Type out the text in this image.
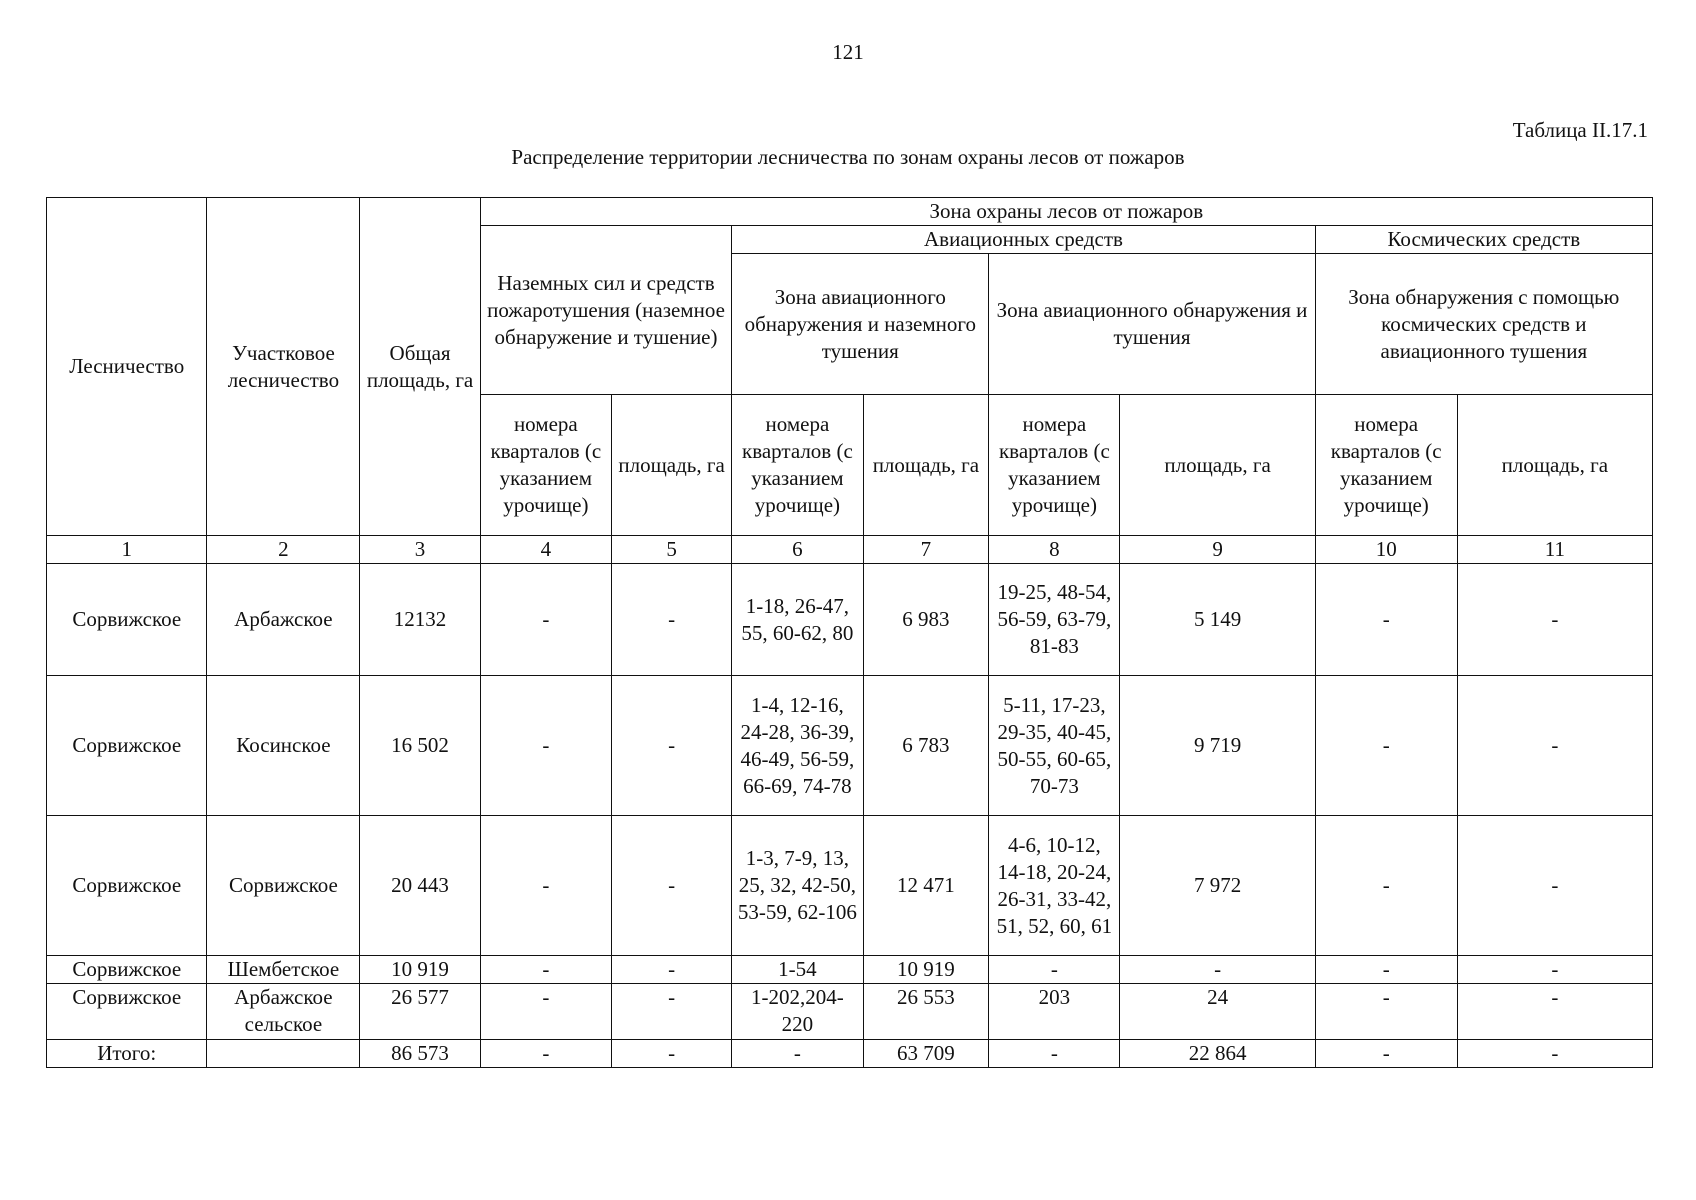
121
Таблица II.17.1
Распределение территории лесничества по зонам охраны лесов от пожаров
Лесничество	Участковое лесничество	Общая площадь, га	Зона охраны лесов от пожаров							
			Наземных сил и средств пожаротушения (наземное обнаружение и тушение)		Авиационных средств				Космических средств	
					Зона авиационного обнаружения и наземного тушения		Зона авиационного обнаружения и тушения		Зона обнаружения с помощью космических средств и авиационного тушения	
			номера кварталов (с указанием урочище)	площадь, га	номера кварталов (с указанием урочище)	площадь, га	номера кварталов (с указанием урочище)	площадь, га	номера кварталов (с указанием урочище)	площадь, га
1	2	3	4	5	6	7	8	9	10	11
Сорвижское	Арбажское	12132	-	-	1-18, 26-47, 55, 60-62, 80	6 983	19-25, 48-54, 56-59, 63-79, 81-83	5 149	-	-
Сорвижское	Косинское	16 502	-	-	1-4, 12-16, 24-28, 36-39, 46-49, 56-59, 66-69, 74-78	6 783	5-11, 17-23, 29-35, 40-45, 50-55, 60-65, 70-73	9 719	-	-
Сорвижское	Сорвижское	20 443	-	-	1-3, 7-9, 13, 25, 32, 42-50, 53-59, 62-106	12 471	4-6, 10-12, 14-18, 20-24, 26-31, 33-42, 51, 52, 60, 61	7 972	-	-
Сорвижское	Шембетское	10 919	-	-	1-54	10 919	-	-	-	-
Сорвижское	Арбажское сельское	26 577	-	-	1-202,204-220	26 553	203	24	-	-
Итого:		86 573	-	-	-	63 709	-	22 864	-	-
